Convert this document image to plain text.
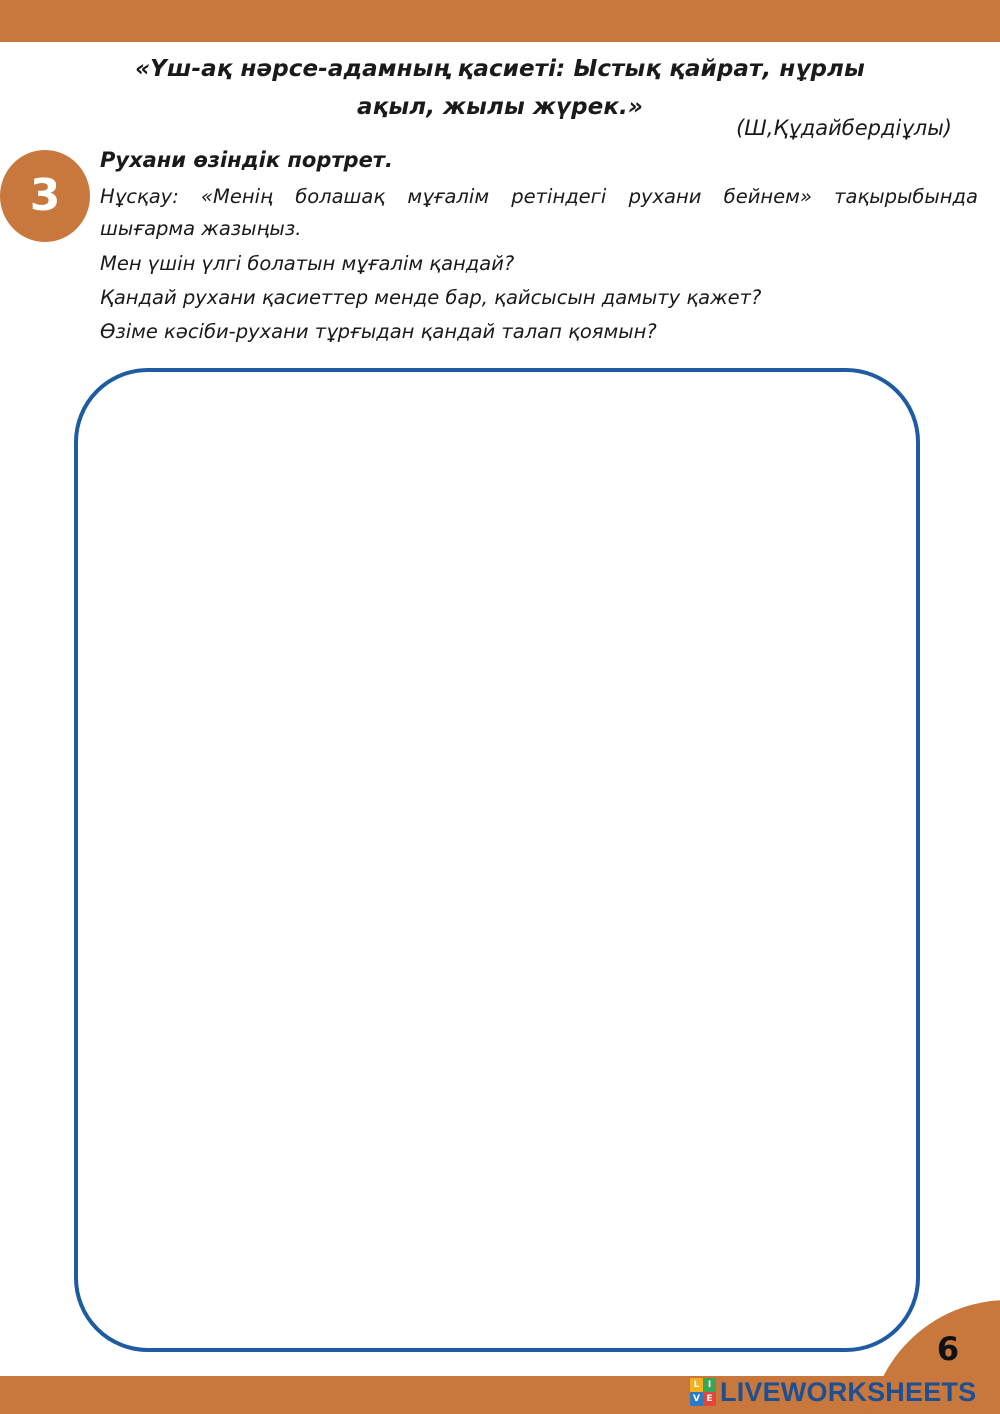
«Үш-ақ нәрсе-адамның қасиеті: Ыстық қайрат, нұрлы
ақыл, жылы жүрек.»
(Ш,Құдайбердіұлы)
3
Рухани өзіндік портрет.
Нұсқау: «Менің болашақ мұғалім ретіндегі рухани бейнем» тақырыбында
шығарма жазыңыз.
Мен үшін үлгі болатын мұғалім қандай?
Қандай рухани қасиеттер менде бар, қайсысын дамыту қажет?
Өзіме кәсіби-рухани тұрғыдан қандай талап қоямын?
6
L I
V E LIVEWORKSHEETS
